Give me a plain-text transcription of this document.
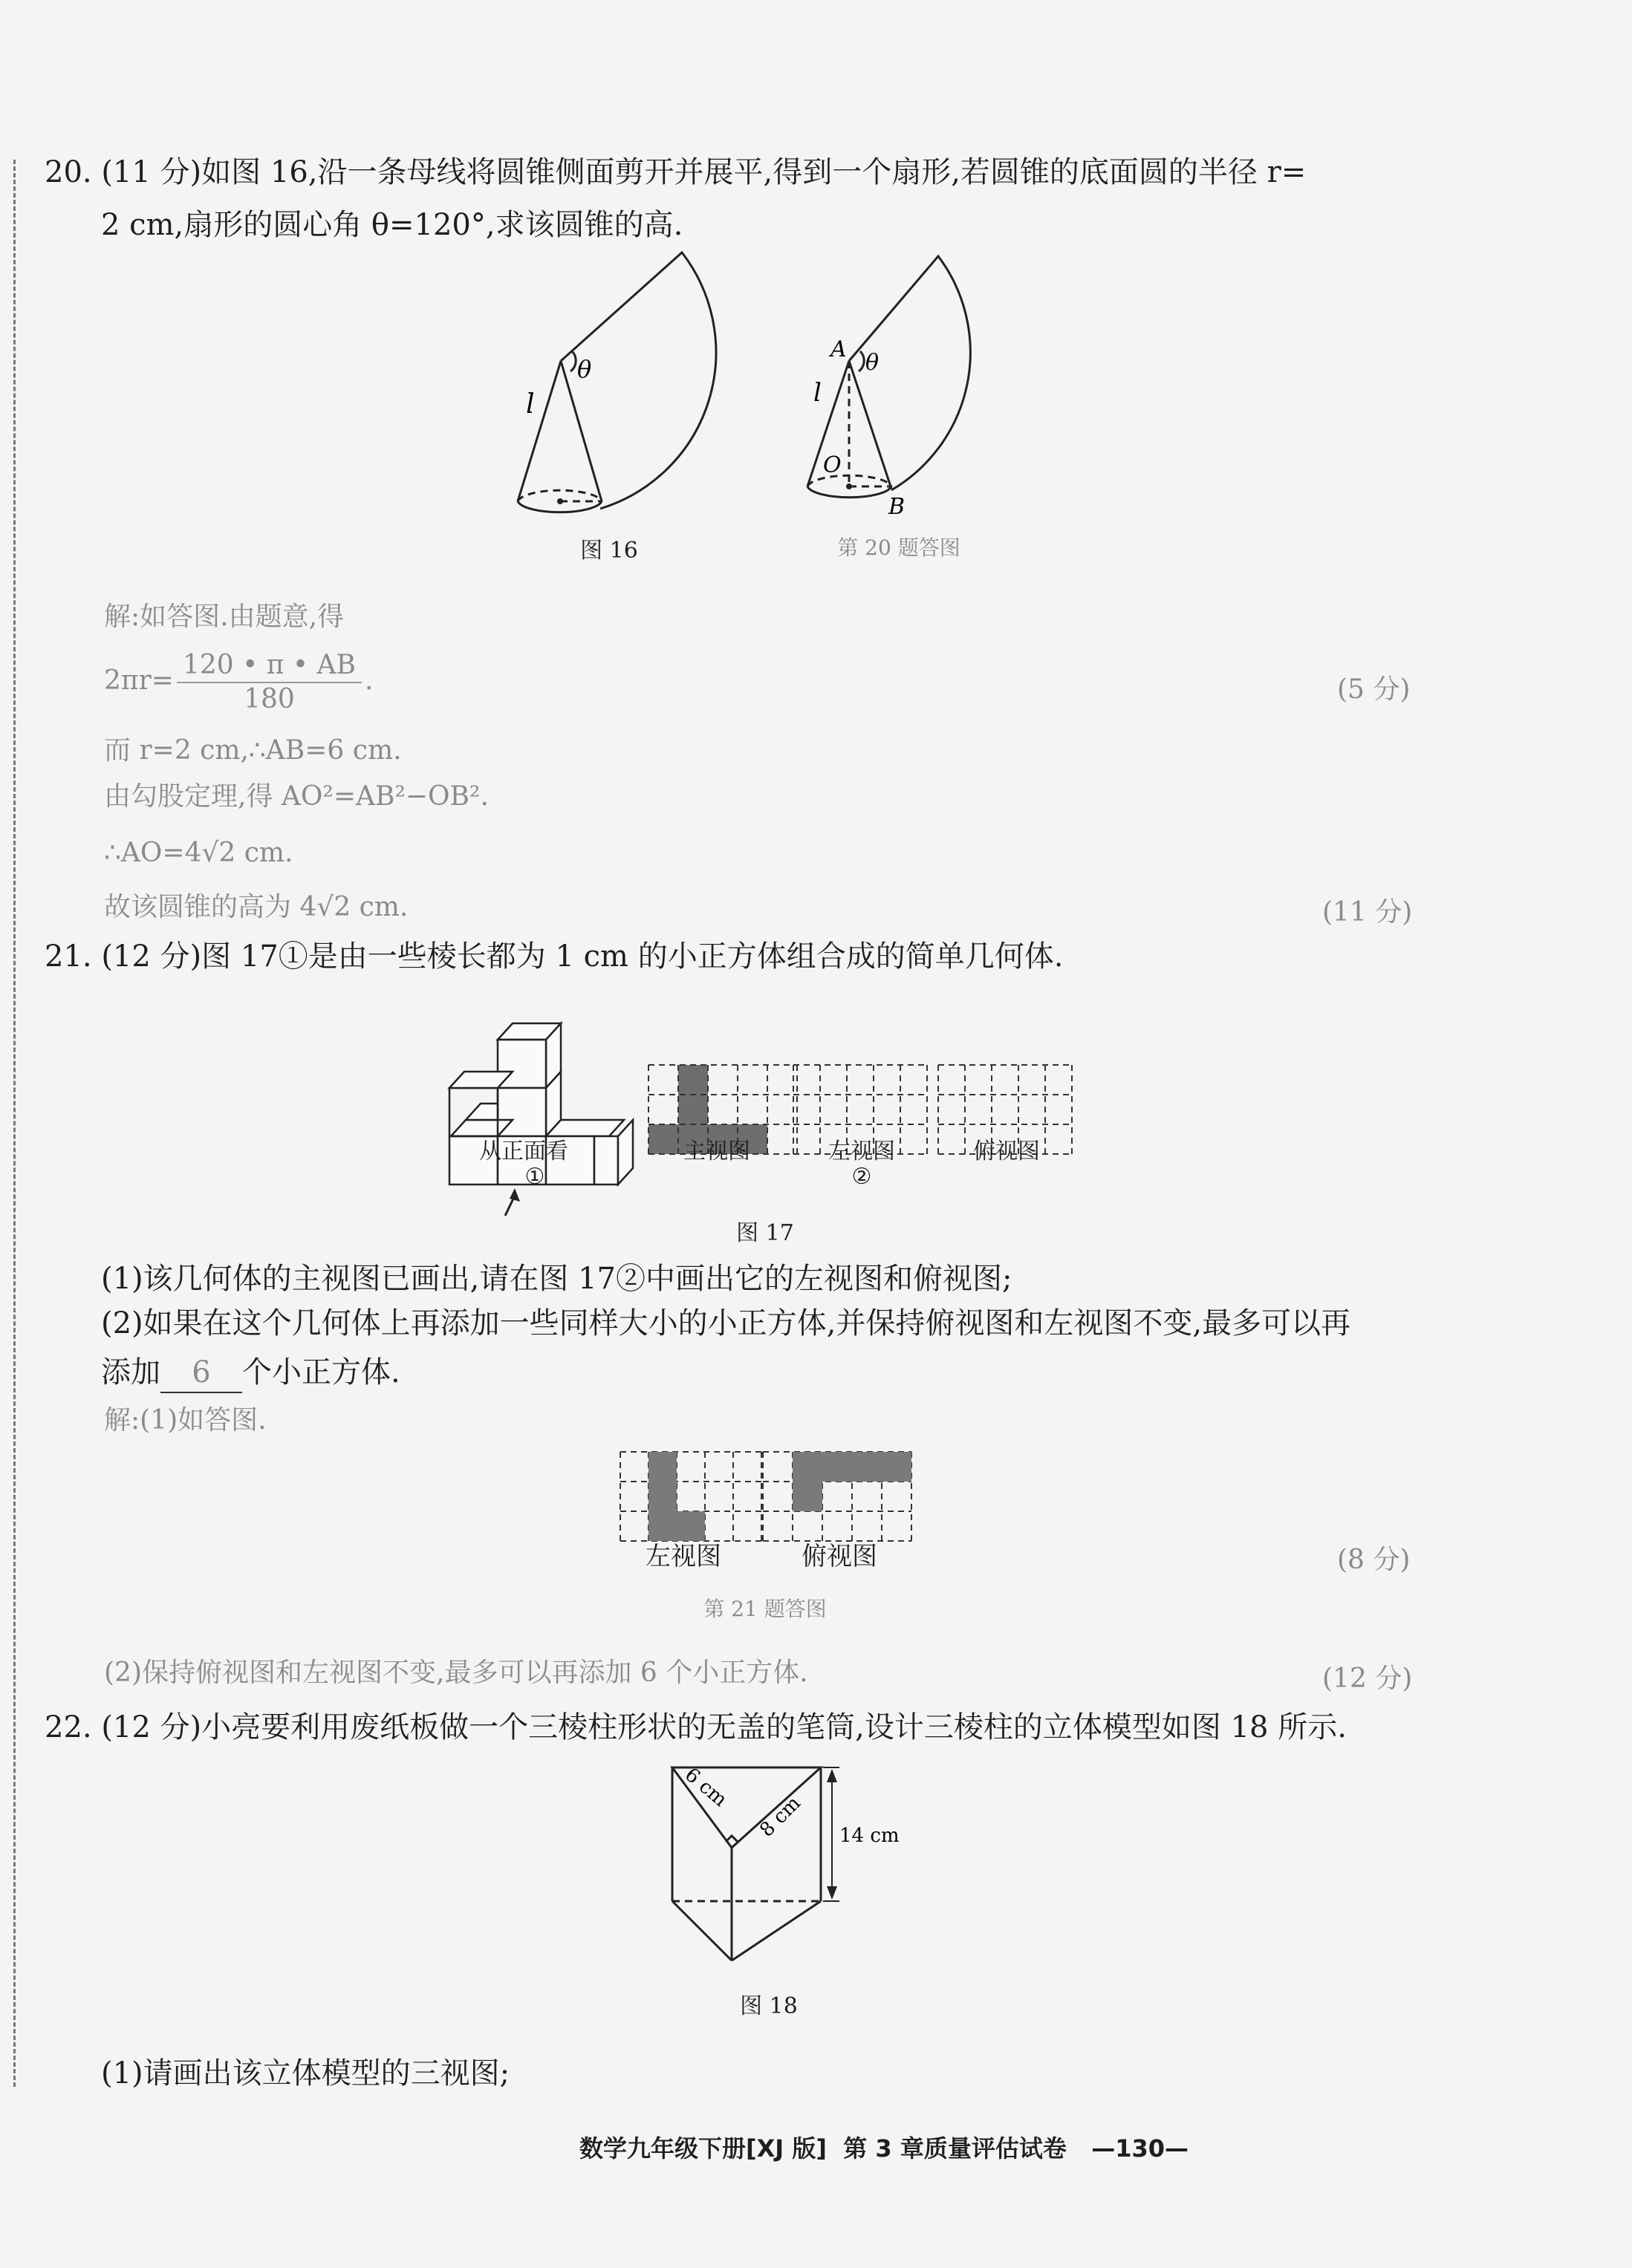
20. (11 分)如图 16,沿一条母线将圆锥侧面剪开并展平,得到一个扇形,若圆锥的底面圆的半径 r=
2 cm,扇形的圆心角 θ=120°,求该圆锥的高.
l
θ
A
θ
l
O
B
6 cm
8 cm 14 cm
图 16	第 20 题答图
解:如答图.由题意,得
$2\pi r= \frac{120 • \pi • AB}{180}$ .	(5 分)
而 r=2 cm,∴AB=6 cm.
由勾股定理,得 AO²=AB²−OB².
∴AO=4√2 cm.
故该圆锥的高为 4√2 cm.	(11 分)
21. (12 分)图 17①是由一些棱长都为 1 cm 的小正方体组合成的简单几何体.
从正面看
①
主视图	左视图	俯视图
②
图 17
(1)该几何体的主视图已画出,请在图 17②中画出它的左视图和俯视图;
(2)如果在这个几何体上再添加一些同样大小的小正方体,并保持俯视图和左视图不变,最多可以再
添加 6 个小正方体.
解:(1)如答图.
左视图	俯视图	(8 分)
第 21 题答图
(2)保持俯视图和左视图不变,最多可以再添加 6 个小正方体.	(12 分)
22. (12 分)小亮要利用废纸板做一个三棱柱形状的无盖的笔筒,设计三棱柱的立体模型如图 18 所示.
图 18
(1)请画出该立体模型的三视图;
数学九年级下册[XJ 版] 第 3 章质量评估试卷 —130—
